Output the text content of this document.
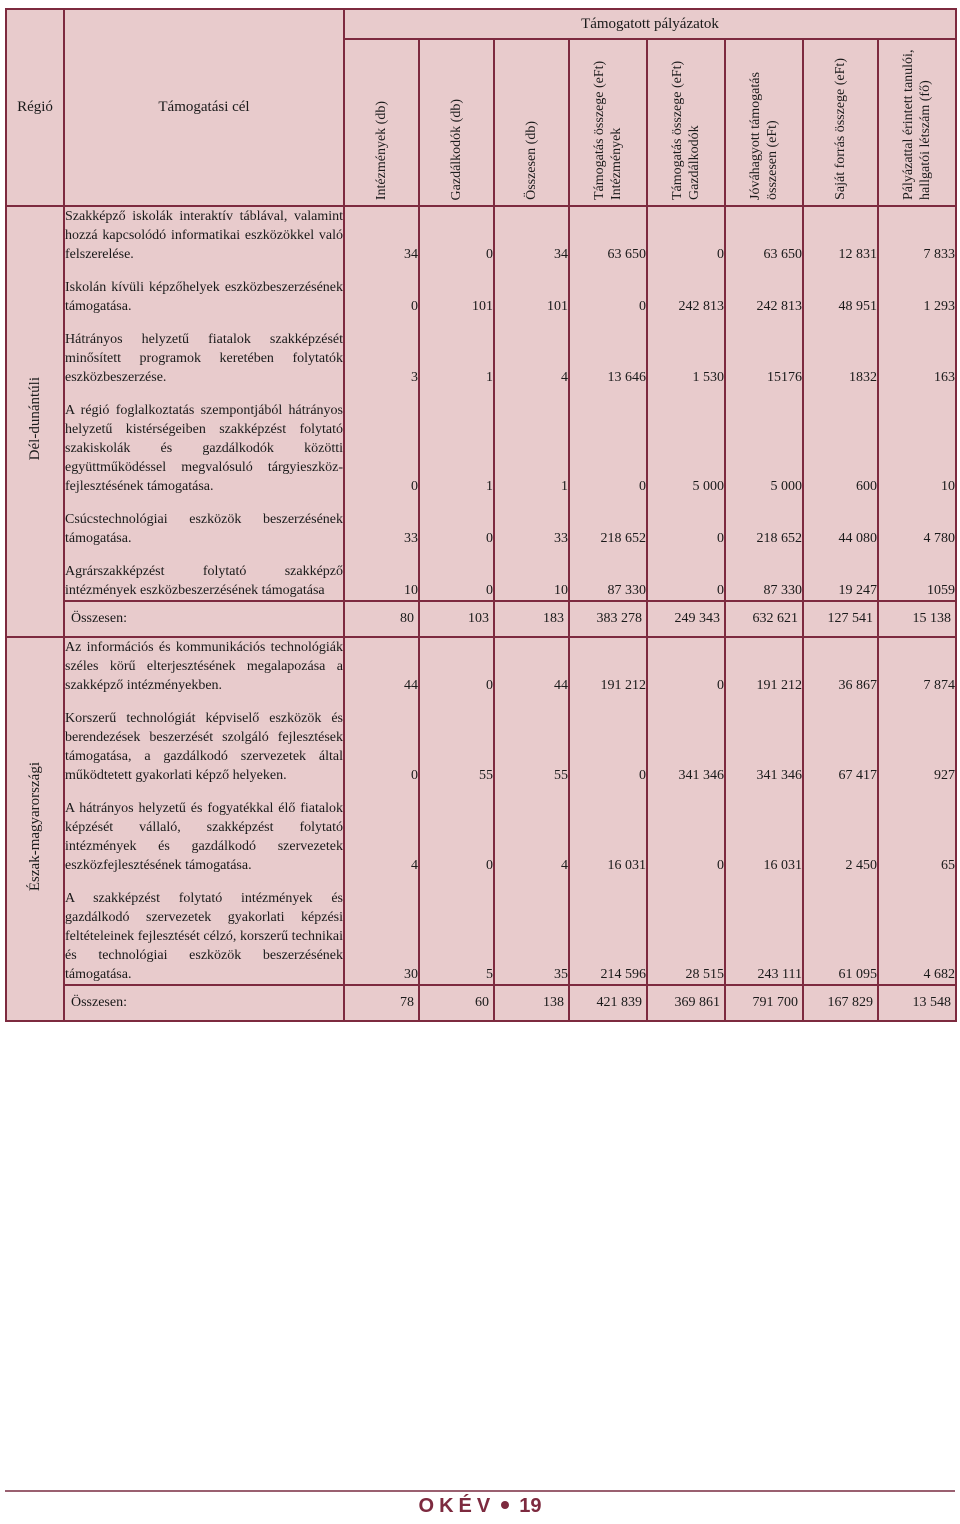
Régió	Támogatási cél	Támogatott pályázatok							
		Intézmények (db)	Gazdálkodók (db)	Összesen (db)	Támogatás összege (eFt) Intézmények	Támogatás összege (eFt) Gazdálkodók	Jóváhagyott támogatás összesen (eFt)	Saját forrás összege (eFt)	Pályázattal érintett tanulói, hallgatói létszám (fő)
Dél-dunántúli	Szakképző iskolák interaktív táblával, valamint hozzá kapcsolódó informatikai eszközökkel való felszerelése.	34	0	34	63 650	0	63 650	12 831	7 833
	Iskolán kívüli képzőhelyek eszközbeszerzésének támogatása.	0	101	101	0	242 813	242 813	48 951	1 293
	Hátrányos helyzetű fiatalok szakképzését minősített programok keretében folytatók eszközbeszerzése.	3	1	4	13 646	1 530	15176	1832	163
	A régió foglalkoztatás szempontjából hátrányos helyzetű kistérségeiben szakképzést folytató szakiskolák és gazdálkodók közötti együttműködéssel megvalósuló tárgyieszköz-fejlesztésének támogatása.	0	1	1	0	5 000	5 000	600	10
	Csúcstechnológiai eszközök beszerzésének támogatása.	33	0	33	218 652	0	218 652	44 080	4 780
	Agrárszakképzést folytató szakképző intézmények eszközbeszerzésének támogatása	10	0	10	87 330	0	87 330	19 247	1059
	Összesen:	80	103	183	383 278	249 343	632 621	127 541	15 138
Észak-magyarországi	Az információs és kommunikációs technológiák széles körű elterjesztésének megalapozása a szakképző intézményekben.	44	0	44	191 212	0	191 212	36 867	7 874
	Korszerű technológiát képviselő eszközök és berendezések beszerzését szolgáló fejlesztések támogatása, a gazdálkodó szervezetek által működtetett gyakorlati képző helyeken.	0	55	55	0	341 346	341 346	67 417	927
	A hátrányos helyzetű és fogyatékkal élő fiatalok képzését vállaló, szakképzést folytató intézmények és gazdálkodó szervezetek eszközfejlesztésének támogatása.	4	0	4	16 031	0	16 031	2 450	65
	A szakképzést folytató intézmények és gazdálkodó szervezetek gyakorlati képzési feltételeinek fejlesztését célzó, korszerű technikai és technológiai eszközök beszerzésének támogatása.	30	5	35	214 596	28 515	243 111	61 095	4 682
	Összesen:	78	60	138	421 839	369 861	791 700	167 829	13 548
OKÉV 19
